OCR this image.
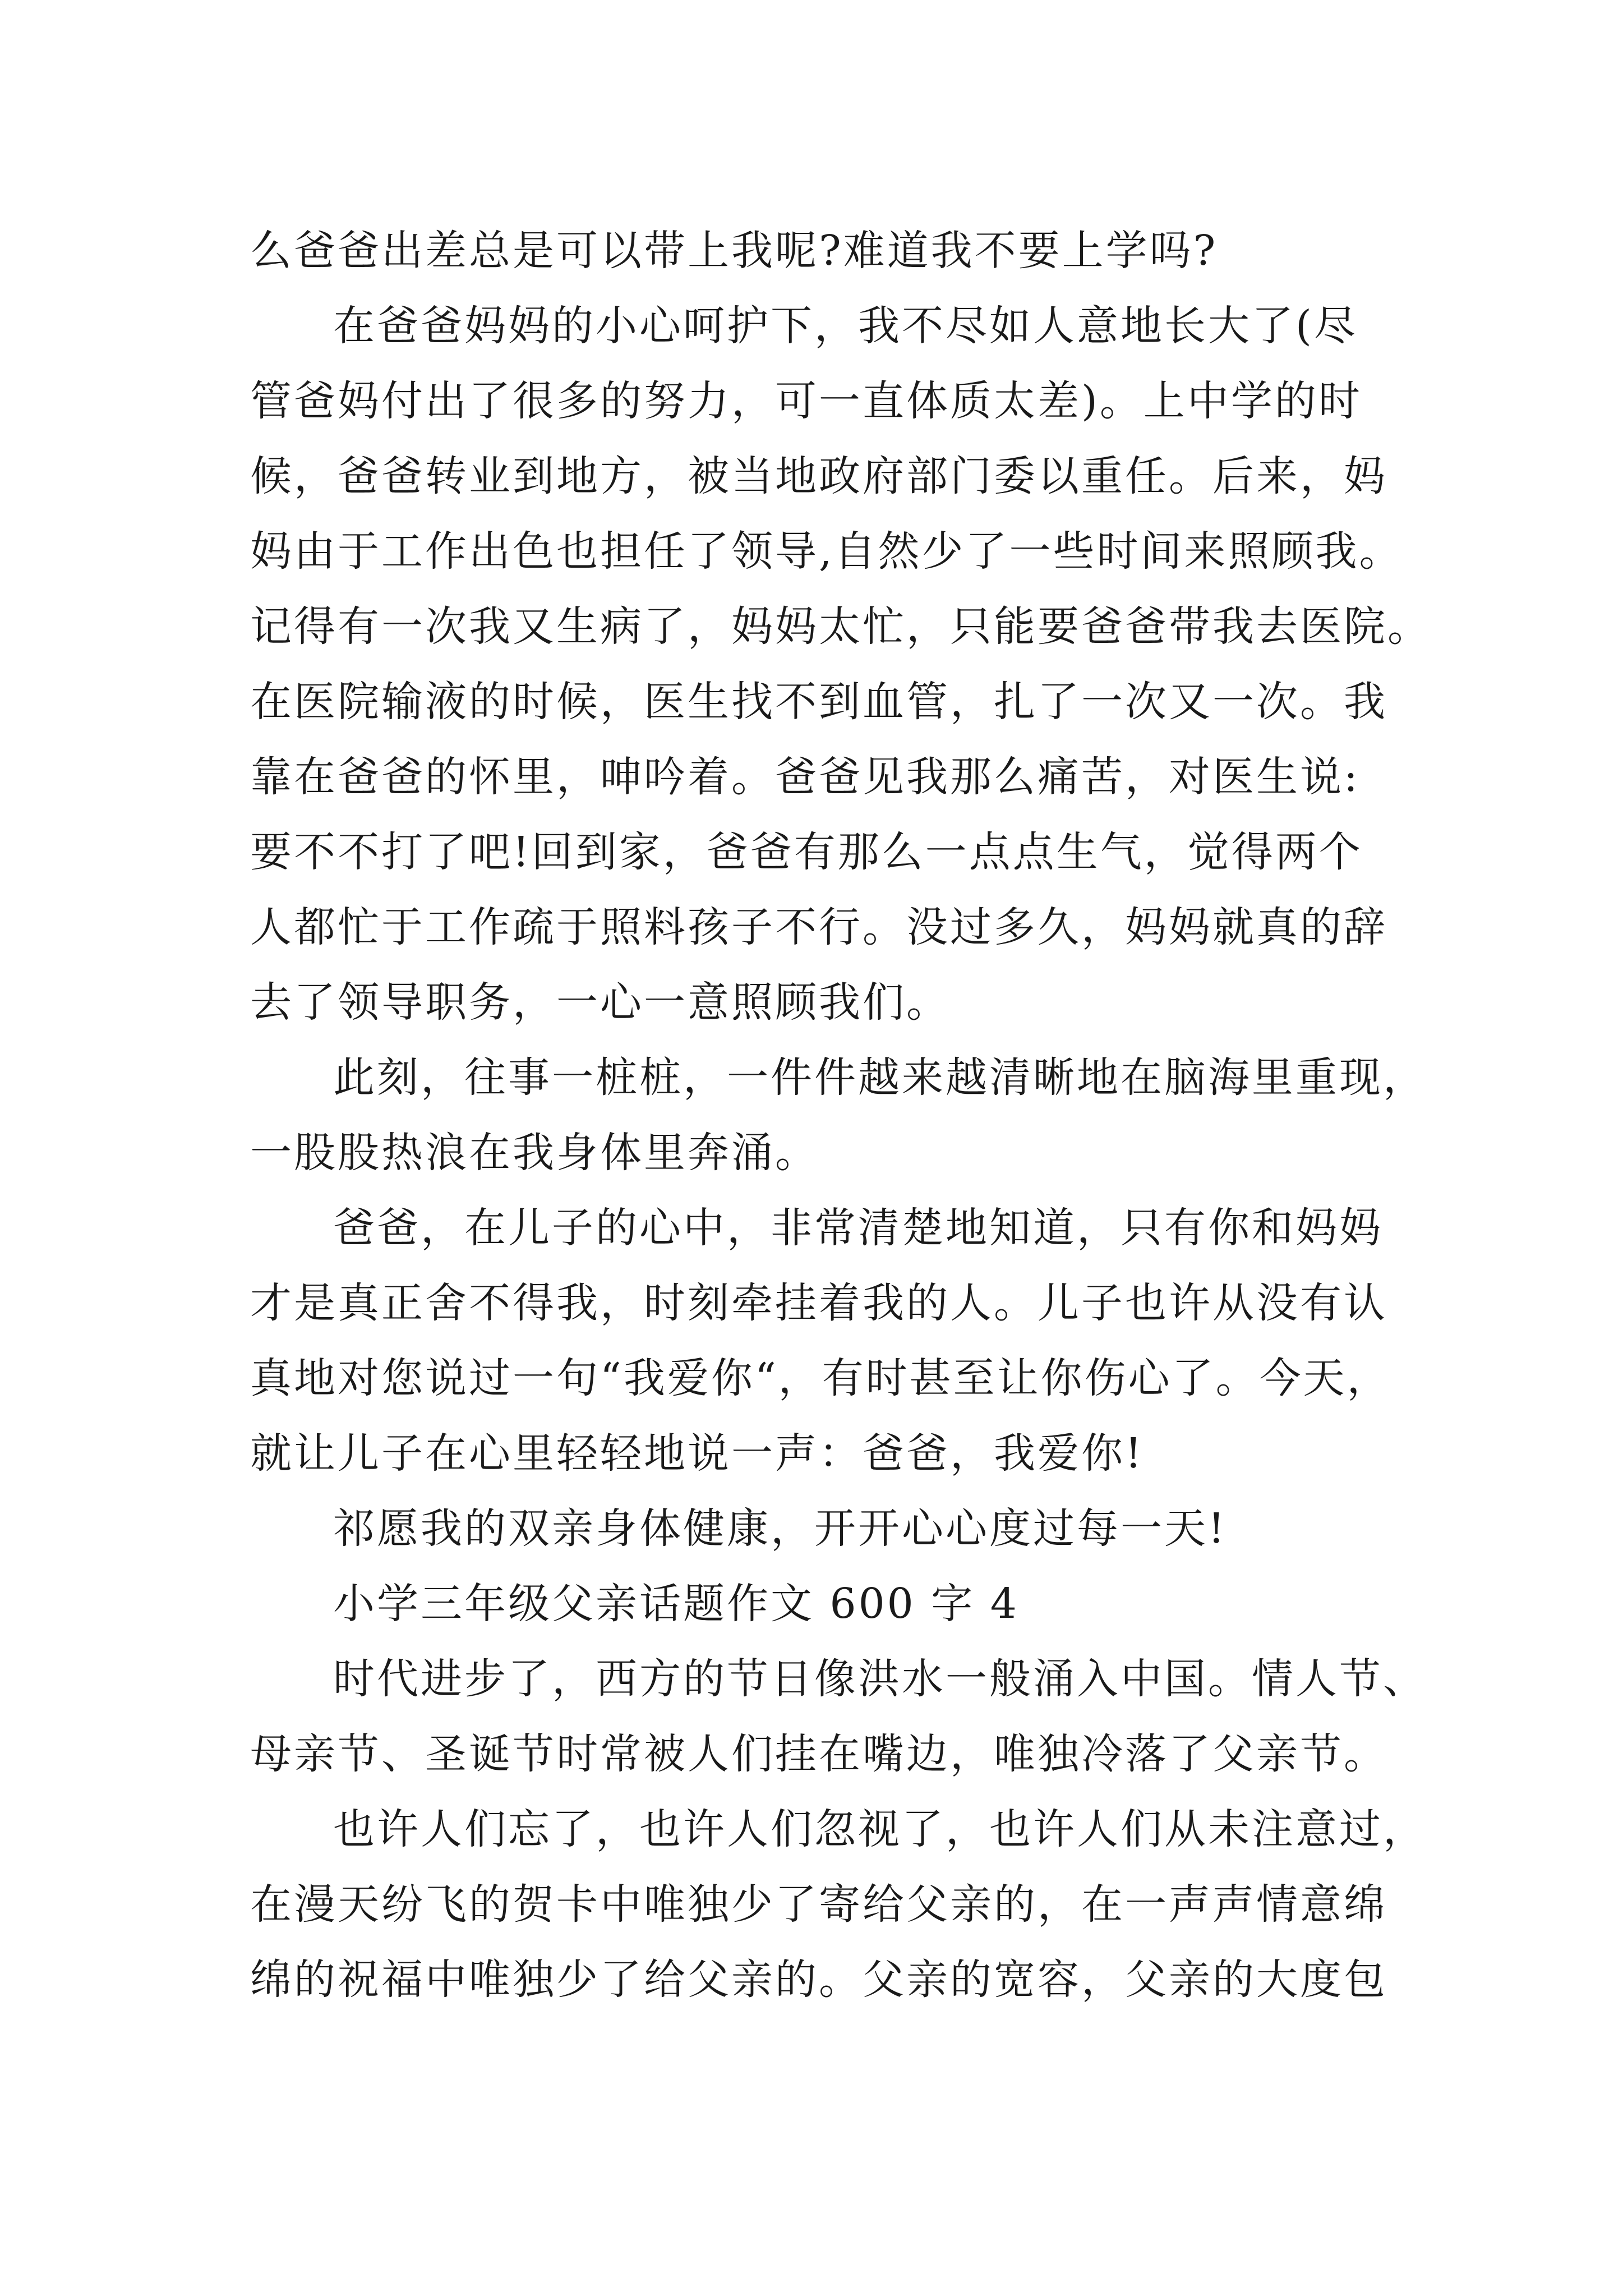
么爸爸出差总是可以带上我呢?难道我不要上学吗?
在爸爸妈妈的小心呵护下，我不尽如人意地长大了(尽
管爸妈付出了很多的努力，可一直体质太差)。上中学的时
候，爸爸转业到地方，被当地政府部门委以重任。后来，妈
妈由于工作出色也担任了领导,自然少了一些时间来照顾我。
记得有一次我又生病了，妈妈太忙，只能要爸爸带我去医院。
在医院输液的时候，医生找不到血管，扎了一次又一次。我
靠在爸爸的怀里，呻吟着。爸爸见我那么痛苦，对医生说:
要不不打了吧!回到家，爸爸有那么一点点生气，觉得两个
人都忙于工作疏于照料孩子不行。没过多久，妈妈就真的辞
去了领导职务，一心一意照顾我们。
此刻，往事一桩桩，一件件越来越清晰地在脑海里重现，
一股股热浪在我身体里奔涌。
爸爸，在儿子的心中，非常清楚地知道，只有你和妈妈
才是真正舍不得我，时刻牵挂着我的人。儿子也许从没有认
真地对您说过一句“我爱你“，有时甚至让你伤心了。今天，
就让儿子在心里轻轻地说一声：爸爸，我爱你!
祁愿我的双亲身体健康，开开心心度过每一天!
小学三年级父亲话题作文 600 字 4
时代进步了，西方的节日像洪水一般涌入中国。情人节、
母亲节、圣诞节时常被人们挂在嘴边，唯独冷落了父亲节。
也许人们忘了，也许人们忽视了，也许人们从未注意过，
在漫天纷飞的贺卡中唯独少了寄给父亲的，在一声声情意绵
绵的祝福中唯独少了给父亲的。父亲的宽容，父亲的大度包
